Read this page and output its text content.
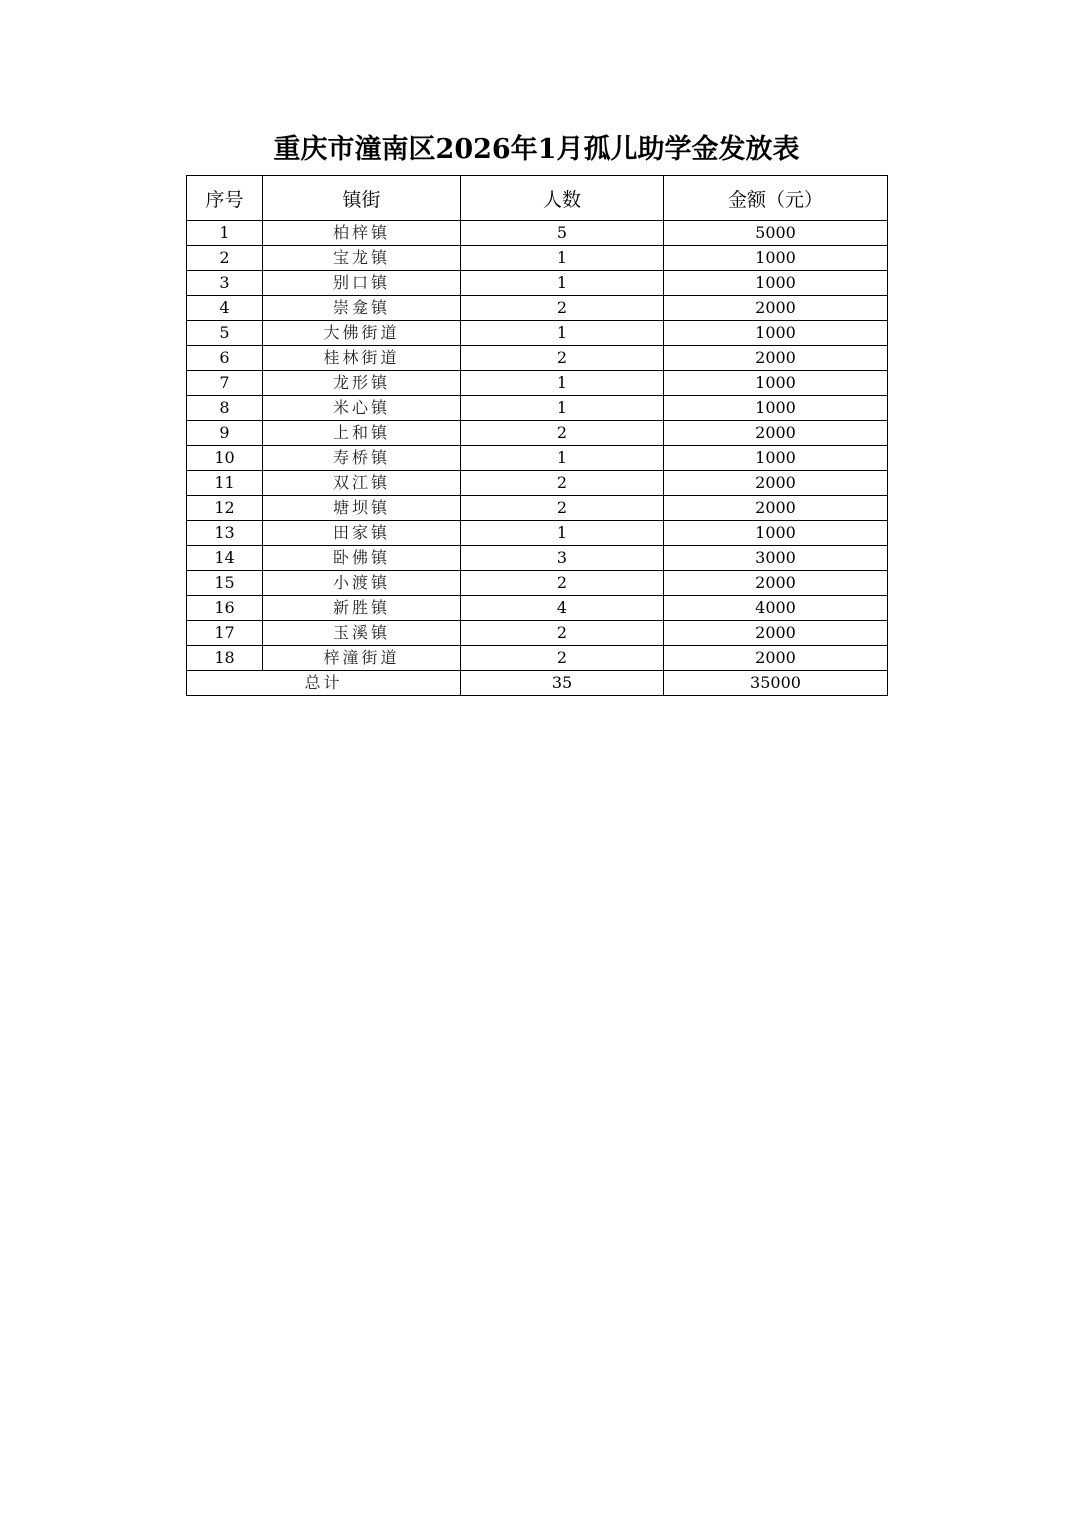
重庆市潼南区2026年1月孤儿助学金发放表
序号	镇街	人数	金额（元）
1	柏梓镇	5	5000
2	宝龙镇	1	1000
3	别口镇	1	1000
4	崇龛镇	2	2000
5	大佛街道	1	1000
6	桂林街道	2	2000
7	龙形镇	1	1000
8	米心镇	1	1000
9	上和镇	2	2000
10	寿桥镇	1	1000
11	双江镇	2	2000
12	塘坝镇	2	2000
13	田家镇	1	1000
14	卧佛镇	3	3000
15	小渡镇	2	2000
16	新胜镇	4	4000
17	玉溪镇	2	2000
18	梓潼街道	2	2000
总计		35	35000
